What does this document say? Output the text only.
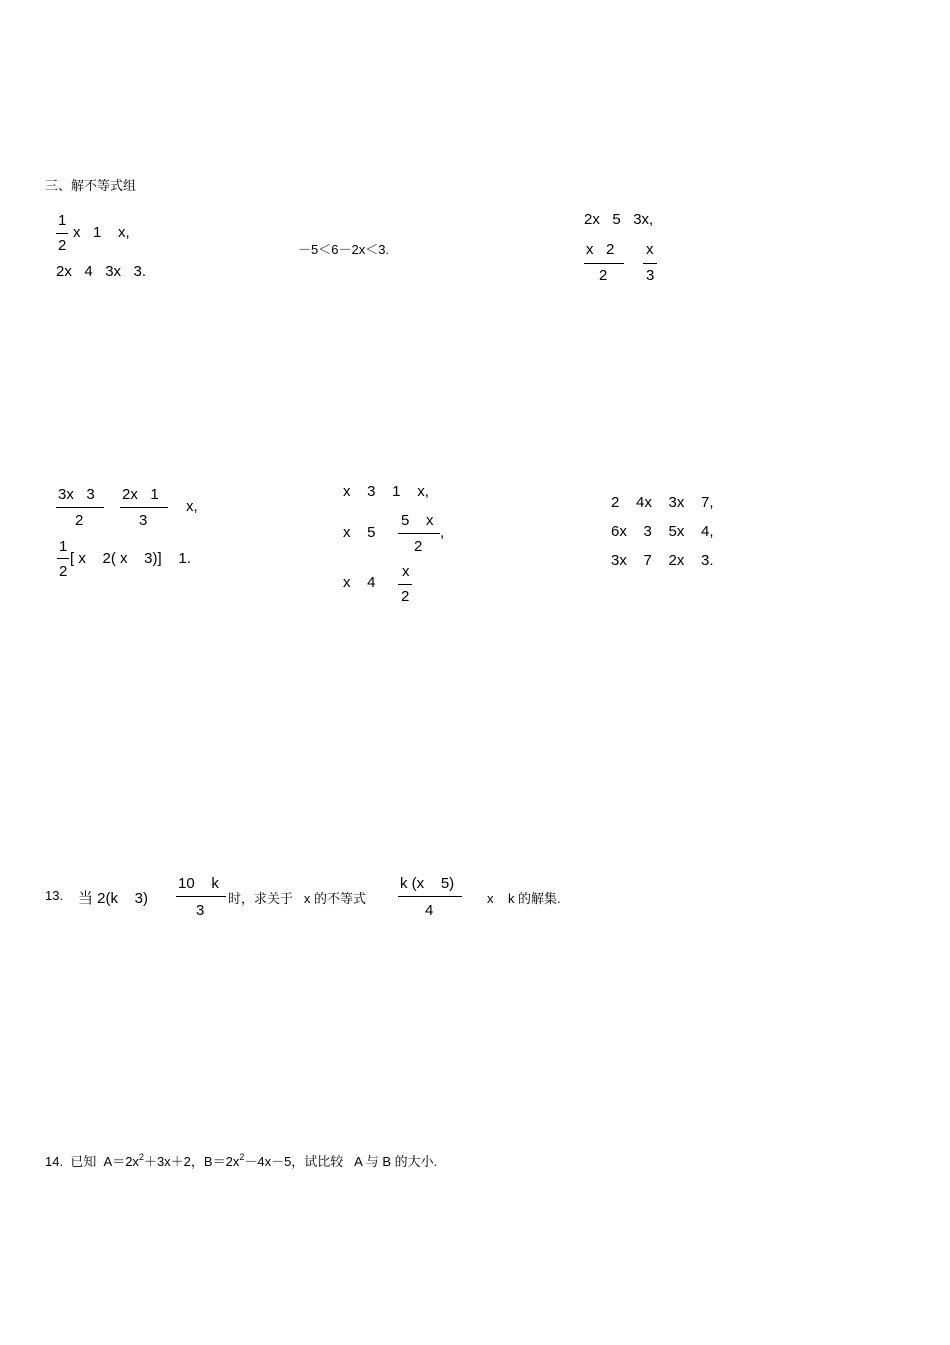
三、解不等式组
1
2
x   1    x,
2x   4   3x   3.
－5＜6－2x＜3.
2x   5   3x,
x   2
2
x
3
3x   3
2
2x   1
3
x,
1
2
[ x    2( x    3)]    1.
x    3    1    x,
x    5
5    x
2
,
x    4
x
2
2    4x    3x    7,
6x    3    5x    4,
3x    7    2x    3.
13. 当 2(k    3)
10    k
3
时，求关于   x 的不等式
k (x    5)
4
x    k 的解集.
14. 已知  $A=2x^2+3x+2$，$B=2x^2-4x-5$，试比较   A 与 B 的大小.
